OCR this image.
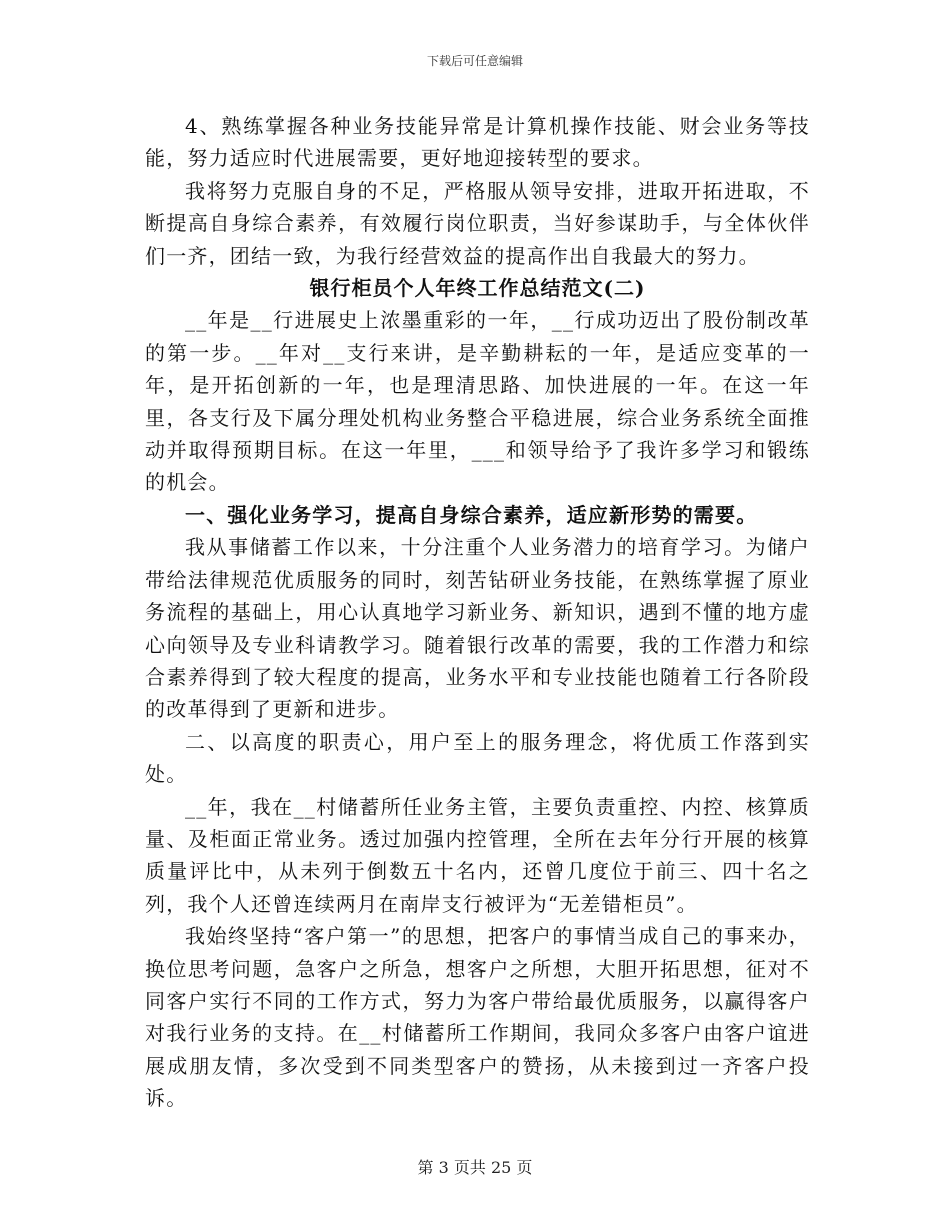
下载后可任意编辑

4、熟练掌握各种业务技能异常是计算机操作技能、财会业务等技能，努力适应时代进展需要，更好地迎接转型的要求。

我将努力克服自身的不足，严格服从领导安排，进取开拓进取，不断提高自身综合素养，有效履行岗位职责，当好参谋助手，与全体伙伴们一齐，团结一致，为我行经营效益的提高作出自我最大的努力。

银行柜员个人年终工作总结范文(二)

__年是__行进展史上浓墨重彩的一年，__行成功迈出了股份制改革的第一步。__年对__支行来讲，是辛勤耕耘的一年，是适应变革的一年，是开拓创新的一年，也是理清思路、加快进展的一年。在这一年里，各支行及下属分理处机构业务整合平稳进展，综合业务系统全面推动并取得预期目标。在这一年里，___和领导给予了我许多学习和锻练的机会。

一、强化业务学习，提高自身综合素养，适应新形势的需要。

我从事储蓄工作以来，十分注重个人业务潜力的培育学习。为储户带给法律规范优质服务的同时，刻苦钻研业务技能，在熟练掌握了原业务流程的基础上，用心认真地学习新业务、新知识，遇到不懂的地方虚心向领导及专业科请教学习。随着银行改革的需要，我的工作潜力和综合素养得到了较大程度的提高，业务水平和专业技能也随着工行各阶段的改革得到了更新和进步。

二、以高度的职责心，用户至上的服务理念，将优质工作落到实处。

__年，我在__村储蓄所任业务主管，主要负责重控、内控、核算质量、及柜面正常业务。透过加强内控管理，全所在去年分行开展的核算质量评比中，从未列于倒数五十名内，还曾几度位于前三、四十名之列，我个人还曾连续两月在南岸支行被评为“无差错柜员”。

我始终坚持“客户第一”的思想，把客户的事情当成自己的事来办，换位思考问题，急客户之所急，想客户之所想，大胆开拓思想，征对不同客户实行不同的工作方式，努力为客户带给最优质服务，以赢得客户对我行业务的支持。在__村储蓄所工作期间，我同众多客户由客户谊进展成朋友情，多次受到不同类型客户的赞扬，从未接到过一齐客户投诉。

第 3 页共 25 页
